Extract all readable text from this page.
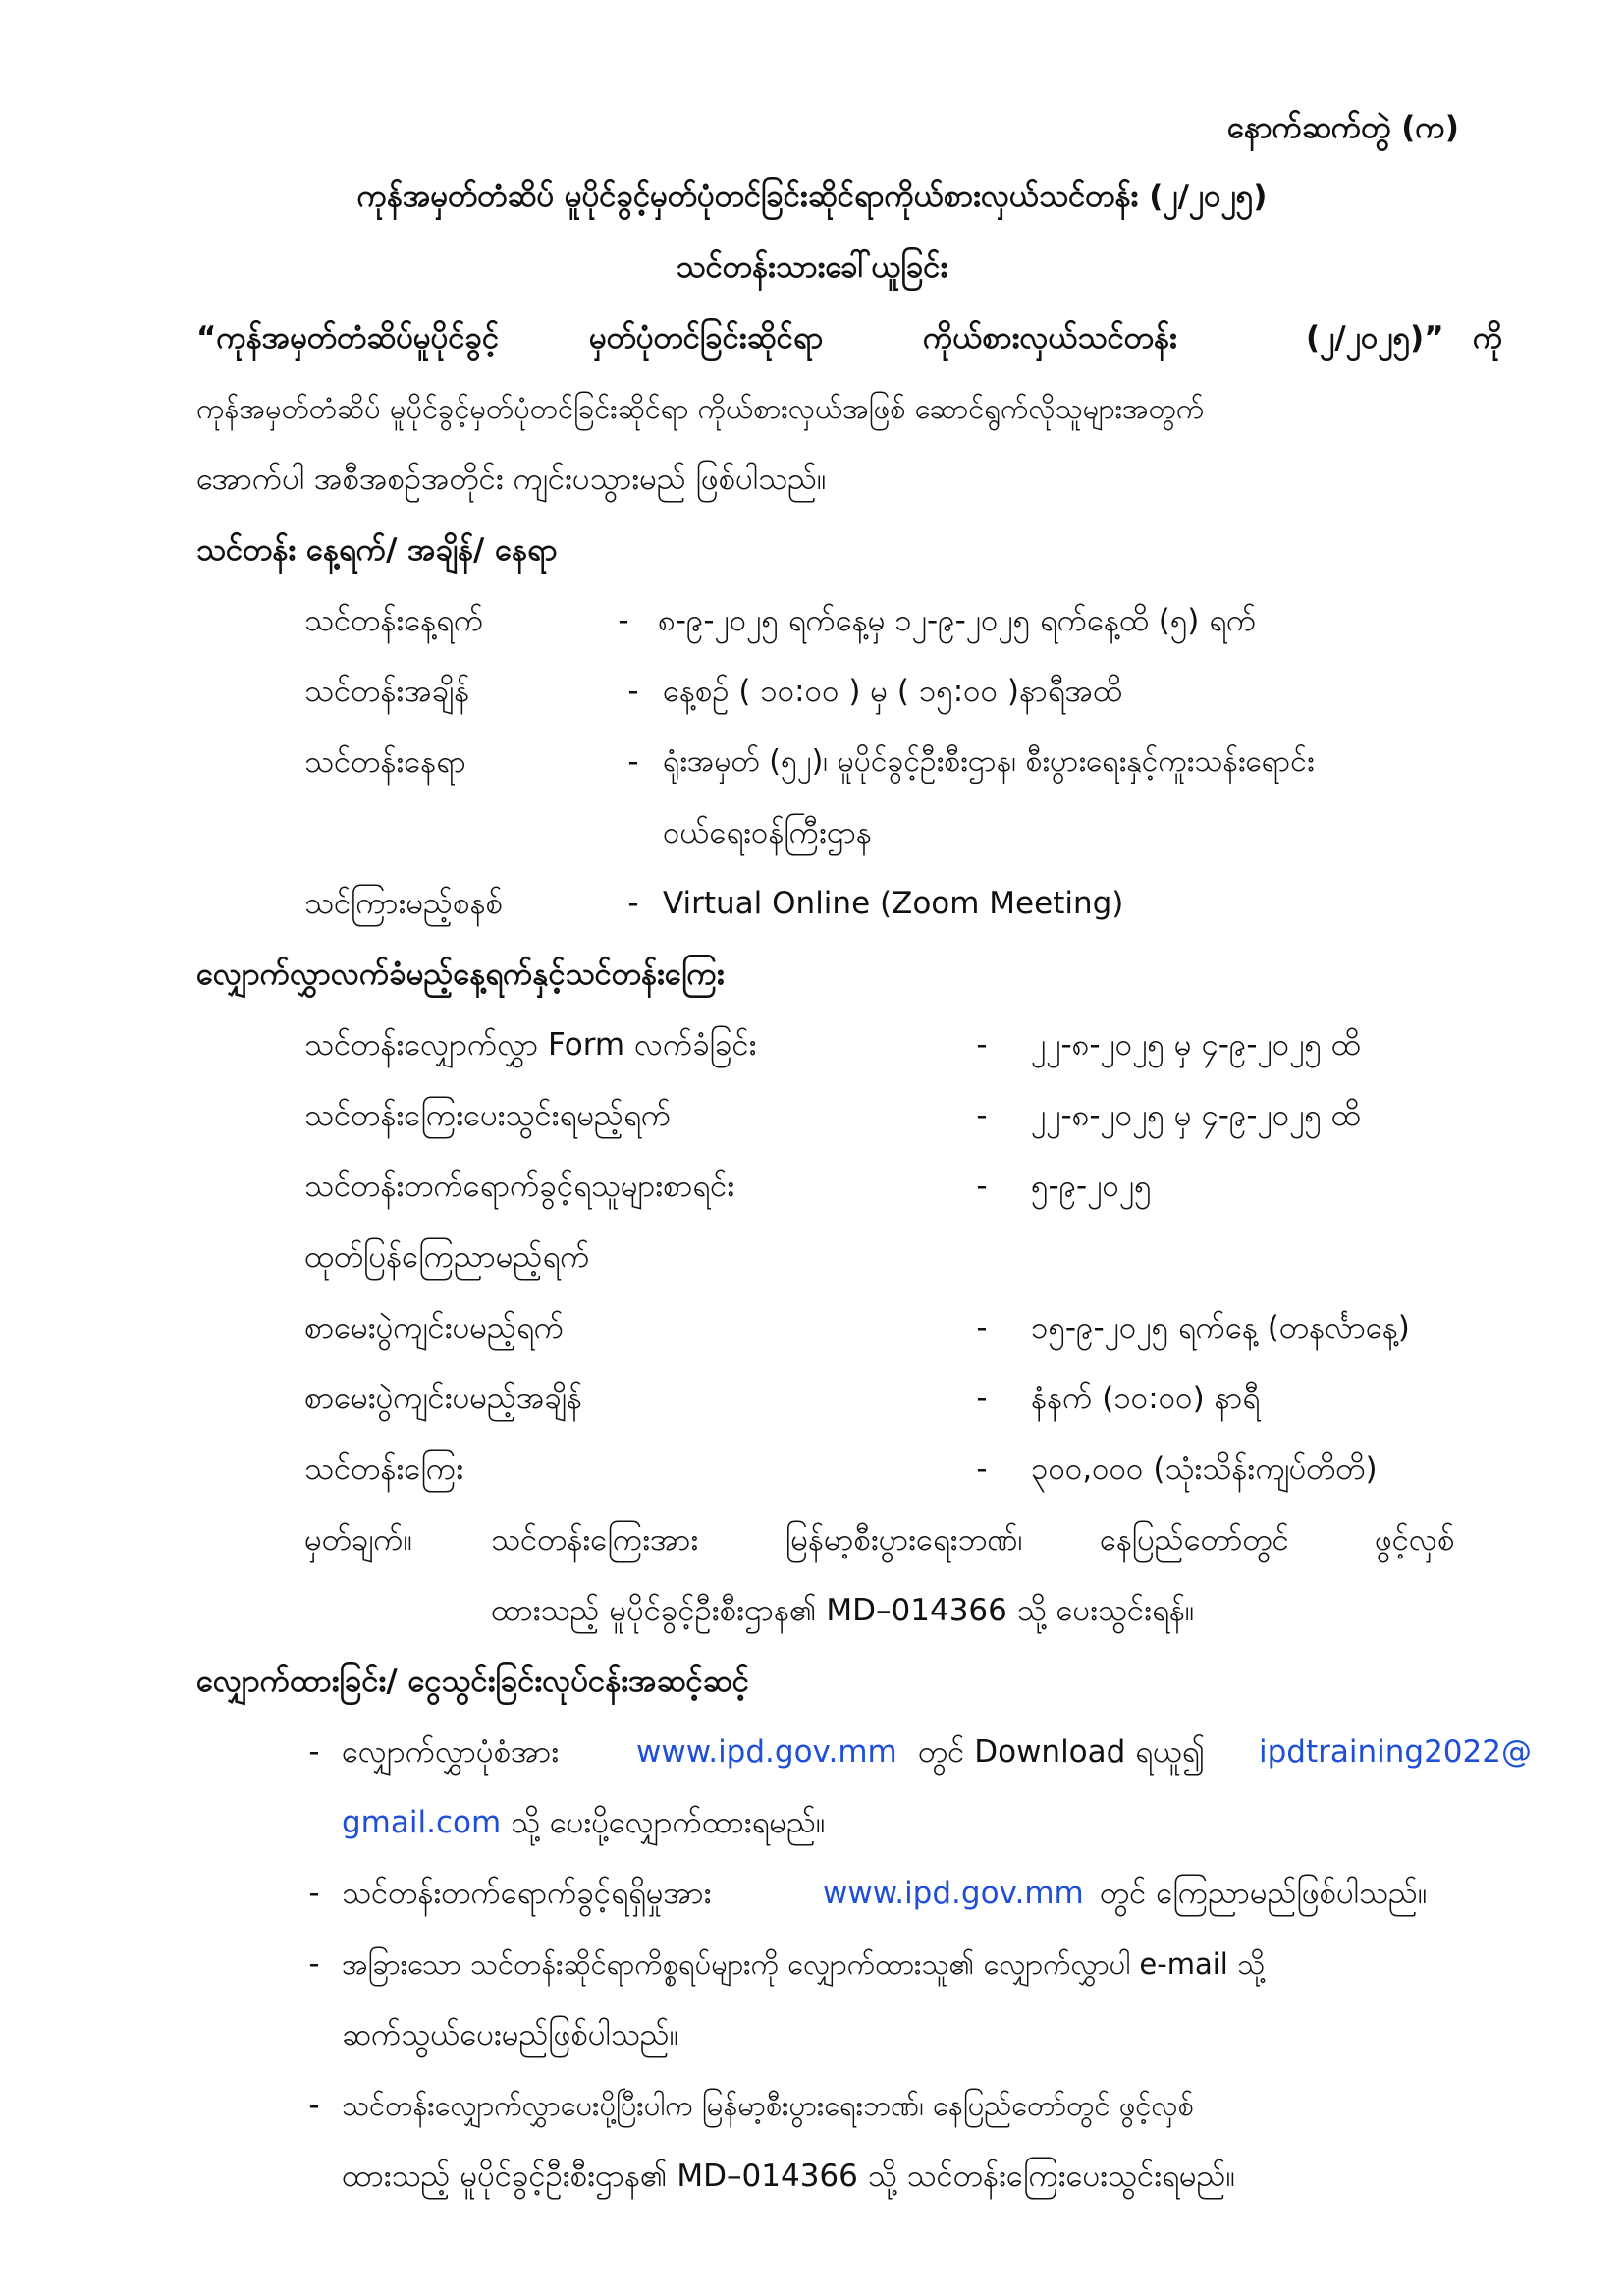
နောက်ဆက်တွဲ (က)
ကုန်အမှတ်တံဆိပ် မူပိုင်ခွင့်မှတ်ပုံတင်ခြင်းဆိုင်ရာကိုယ်စားလှယ်သင်တန်း (၂/၂၀၂၅)
သင်တန်းသားခေါ်ယူခြင်း
“ကုန်အမှတ်တံဆိပ်မူပိုင်ခွင့်	မှတ်ပုံတင်ခြင်းဆိုင်ရာ	ကိုယ်စားလှယ်သင်တန်း	(၂/၂၀၂၅)” ကို
ကုန်အမှတ်တံဆိပ် မူပိုင်ခွင့်မှတ်ပုံတင်ခြင်းဆိုင်ရာ ကိုယ်စားလှယ်အဖြစ် ဆောင်ရွက်လိုသူများအတွက်
အောက်ပါ အစီအစဉ်အတိုင်း ကျင်းပသွားမည် ဖြစ်ပါသည်။
သင်တန်း နေ့ရက်/ အချိန်/ နေရာ
သင်တန်းနေ့ရက်	- ၈-၉-၂၀၂၅ ရက်နေ့မှ ၁၂-၉-၂၀၂၅ ရက်နေ့ထိ (၅) ရက်
သင်တန်းအချိန်	- နေ့စဉ် ( ၁၀:၀၀ ) မှ ( ၁၅:၀၀ )နာရီအထိ
သင်တန်းနေရာ	- ရုံးအမှတ် (၅၂)၊ မူပိုင်ခွင့်ဦးစီးဌာန၊ စီးပွားရေးနှင့်ကူးသန်းရောင်း
ဝယ်ရေးဝန်ကြီးဌာန
သင်ကြားမည့်စနစ်	- Virtual Online (Zoom Meeting)
လျှောက်လွှာလက်ခံမည့်နေ့ရက်နှင့်သင်တန်းကြေး
သင်တန်းလျှောက်လွှာ Form လက်ခံခြင်း	-	၂၂-၈-၂၀၂၅ မှ ၄-၉-၂၀၂၅ ထိ
သင်တန်းကြေးပေးသွင်းရမည့်ရက်	-	၂၂-၈-၂၀၂၅ မှ ၄-၉-၂၀၂၅ ထိ
သင်တန်းတက်ရောက်ခွင့်ရသူများစာရင်း	-	၅-၉-၂၀၂၅
ထုတ်ပြန်ကြေညာမည့်ရက်
စာမေးပွဲကျင်းပမည့်ရက်	-	၁၅-၉-၂၀၂၅ ရက်နေ့ (တနင်္လာနေ့)
စာမေးပွဲကျင်းပမည့်အချိန်	-	နံနက် (၁၀:၀၀) နာရီ
သင်တန်းကြေး	-	၃၀၀,၀၀၀ (သုံးသိန်းကျပ်တိတိ)
မှတ်ချက်။	သင်တန်းကြေးအား	မြန်မာ့စီးပွားရေးဘဏ်၊	နေပြည်တော်တွင်	ဖွင့်လှစ်
ထားသည့် မူပိုင်ခွင့်ဦးစီးဌာန၏ MD–014366 သို့ ပေးသွင်းရန်။
လျှောက်ထားခြင်း/ ငွေသွင်းခြင်းလုပ်ငန်းအဆင့်ဆင့်
- လျှောက်လွှာပုံစံအား	www.ipd.gov.mm တွင် Download ရယူ၍ ipdtraining2022@
gmail.com သို့ ပေးပို့လျှောက်ထားရမည်။
- သင်တန်းတက်ရောက်ခွင့်ရရှိမှုအား	www.ipd.gov.mm တွင် ကြေညာမည်ဖြစ်ပါသည်။
- အခြားသော သင်တန်းဆိုင်ရာကိစ္စရပ်များကို လျှောက်ထားသူ၏ လျှောက်လွှာပါ e-mail သို့
ဆက်သွယ်ပေးမည်ဖြစ်ပါသည်။
- သင်တန်းလျှောက်လွှာပေးပို့ပြီးပါက မြန်မာ့စီးပွားရေးဘဏ်၊ နေပြည်တော်တွင် ဖွင့်လှစ်
ထားသည့် မူပိုင်ခွင့်ဦးစီးဌာန၏ MD–014366 သို့ သင်တန်းကြေးပေးသွင်းရမည်။
